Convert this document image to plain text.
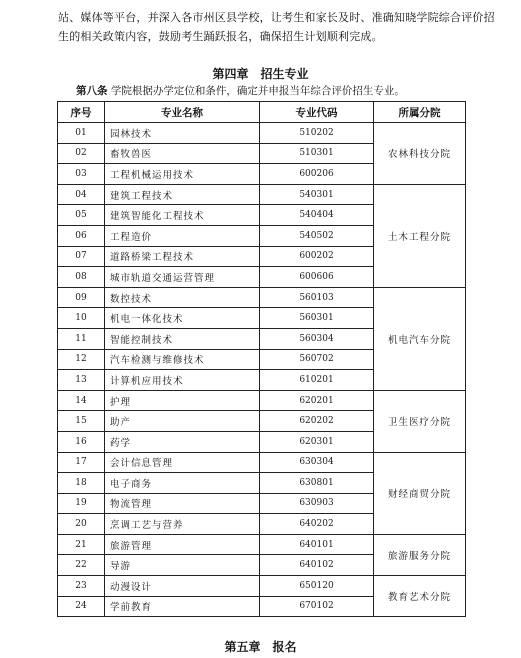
站、媒体等平台，并深入各市州区县学校，让考生和家长及时、准确知晓学院综合评价招生的相关政策内容，鼓励考生踊跃报名，确保招生计划顺利完成。
第四章　招生专业
第八条 学院根据办学定位和条件，确定并申报当年综合评价招生专业。
序号	专业名称	专业代码	所属分院
01	园林技术	510202	农林科技分院
02	畜牧兽医	510301	
03	工程机械运用技术	600206	
04	建筑工程技术	540301	土木工程分院
05	建筑智能化工程技术	540404	
06	工程造价	540502	
07	道路桥梁工程技术	600202	
08	城市轨道交通运营管理	600606	
09	数控技术	560103	机电汽车分院
10	机电一体化技术	560301	
11	智能控制技术	560304	
12	汽车检测与维修技术	560702	
13	计算机应用技术	610201	
14	护理	620201	卫生医疗分院
15	助产	620202	
16	药学	620301	
17	会计信息管理	630304	财经商贸分院
18	电子商务	630801	
19	物流管理	630903	
20	烹调工艺与营养	640202	
21	旅游管理	640101	旅游服务分院
22	导游	640102	
23	动漫设计	650120	教育艺术分院
24	学前教育	670102	
第五章　报名
